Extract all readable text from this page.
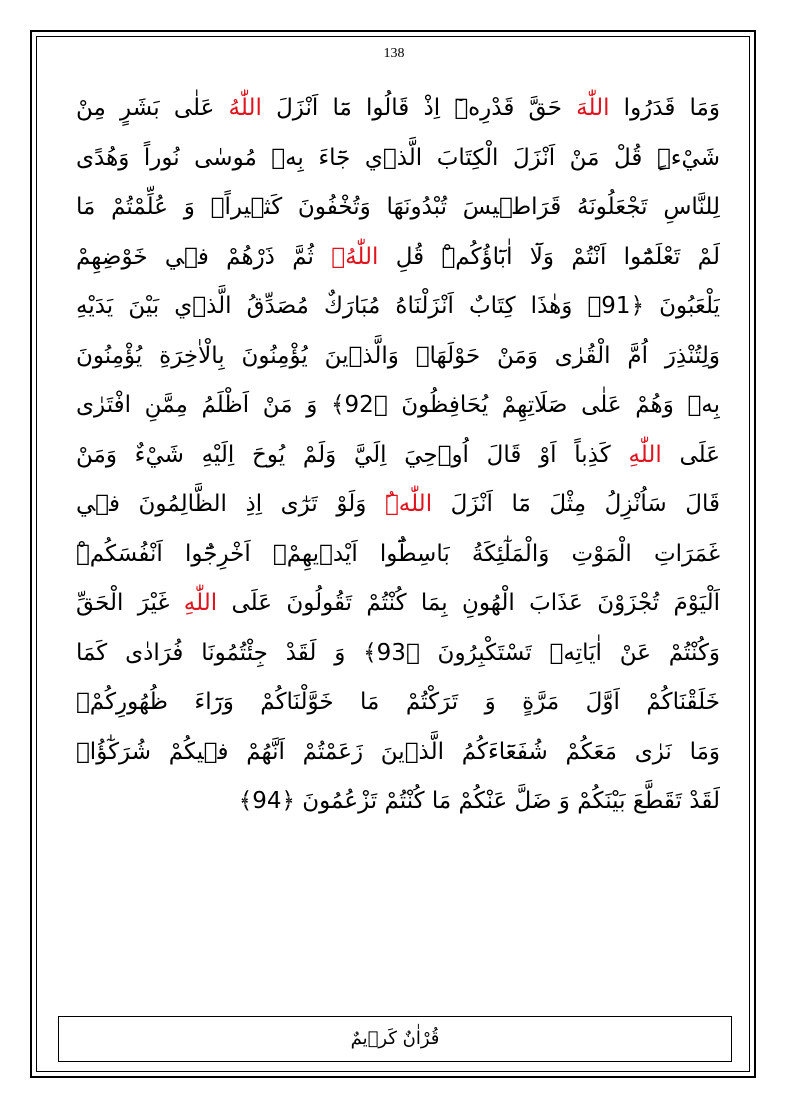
138
وَمَا قَدَرُوا اللّٰهَ حَقَّ قَدْرِهٖٓ اِذْ قَالُوا مَٓا اَنْزَلَ اللّٰهُ عَلٰى بَشَرٍ مِنْ
شَيْءٍۜ قُلْ مَنْ اَنْزَلَ الْكِتَابَ الَّذ۪ي جَٓاءَ بِه۪ مُوسٰى نُوراً وَهُدًى
لِلنَّاسِ تَجْعَلُونَهُ قَرَاط۪يسَ تُبْدُونَهَا وَتُخْفُونَ كَث۪يراًۚ وَ عُلِّمْتُمْ مَا
لَمْ تَعْلَمُٓوا اَنْتُمْ وَلَٓا اٰبَٓاؤُكُمْۜ قُلِ اللّٰهُۙ ثُمَّ ذَرْهُمْ ف۪ي خَوْضِهِمْ
يَلْعَبُونَ ﴿91﴾ وَهٰذَا كِتَابٌ اَنْزَلْنَاهُ مُبَارَكٌ مُصَدِّقُ الَّذ۪ي بَيْنَ يَدَيْهِ
وَلِتُنْذِرَ اُمَّ الْقُرٰى وَمَنْ حَوْلَهَاۜ وَالَّذ۪ينَ يُؤْمِنُونَ بِالْاٰخِرَةِ يُؤْمِنُونَ
بِه۪ وَهُمْ عَلٰى صَلَاتِهِمْ يُحَافِظُونَ ﴿92﴾ وَ مَنْ اَظْلَمُ مِمَّنِ افْتَرٰى
عَلَى اللّٰهِ كَذِباً اَوْ قَالَ اُو۫حِيَ اِلَيَّ وَلَمْ يُوحَ اِلَيْهِ شَيْءٌ وَمَنْ
قَالَ سَاُنْزِلُ مِثْلَ مَٓا اَنْزَلَ اللّٰهُۜ وَلَوْ تَرٰٓى اِذِ الظَّالِمُونَ ف۪ي
غَمَرَاتِ الْمَوْتِ وَالْمَلٰٓئِكَةُ بَاسِطُٓوا اَيْد۪يهِمْۚ اَخْرِجُٓوا اَنْفُسَكُمْۜ
اَلْيَوْمَ تُجْزَوْنَ عَذَابَ الْهُونِ بِمَا كُنْتُمْ تَقُولُونَ عَلَى اللّٰهِ غَيْرَ الْحَقِّ
وَكُنْتُمْ عَنْ اٰيَاتِه۪ تَسْتَكْبِرُونَ ﴿93﴾ وَ لَقَدْ جِئْتُمُونَا فُرَادٰى كَمَا
خَلَقْنَاكُمْ اَوَّلَ مَرَّةٍ وَ تَرَكْتُمْ مَا خَوَّلْنَاكُمْ وَرَٓاءَ ظُهُورِكُمْۚ
وَمَا نَرٰى مَعَكُمْ شُفَعَٓاءَكُمُ الَّذ۪ينَ زَعَمْتُمْ اَنَّهُمْ ف۪يكُمْ شُرَكٰٓؤُاۜ
لَقَدْ تَقَطَّعَ بَيْنَكُمْ وَ ضَلَّ عَنْكُمْ مَا كُنْتُمْ تَزْعُمُونَ ﴿94﴾
قُرْاٰنٌ كَر۪يمٌ
